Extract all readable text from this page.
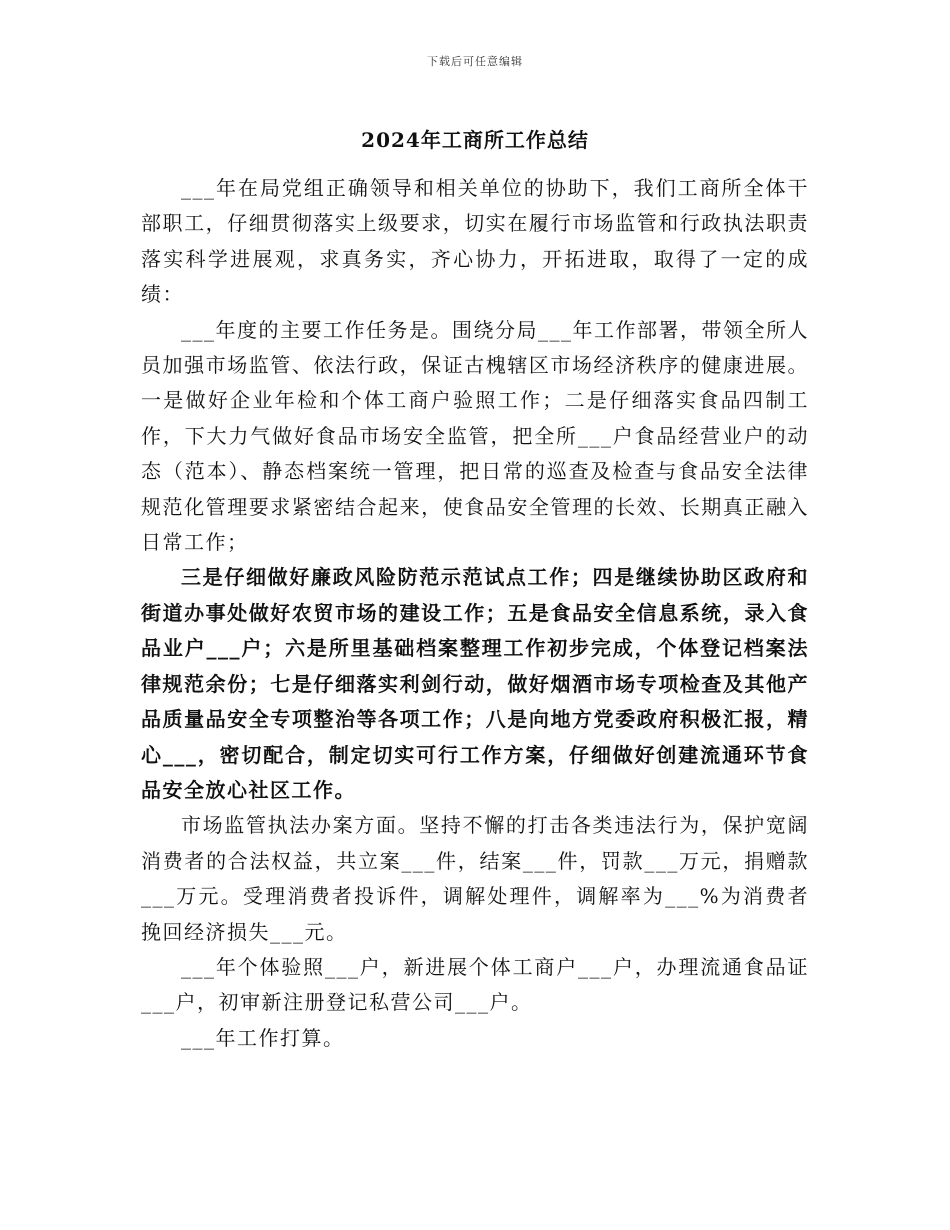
下载后可任意编辑
2024年工商所工作总结

___年在局党组正确领导和相关单位的协助下，我们工商所全体干部职工，仔细贯彻落实上级要求，切实在履行市场监管和行政执法职责落实科学进展观，求真务实，齐心协力，开拓进取，取得了一定的成绩：

___年度的主要工作任务是。围绕分局___年工作部署，带领全所人员加强市场监管、依法行政，保证古槐辖区市场经济秩序的健康进展。一是做好企业年检和个体工商户验照工作；二是仔细落实食品四制工作，下大力气做好食品市场安全监管，把全所___户食品经营业户的动态（范本）、静态档案统一管理，把日常的巡查及检查与食品安全法律规范化管理要求紧密结合起来，使食品安全管理的长效、长期真正融入日常工作；

三是仔细做好廉政风险防范示范试点工作；四是继续协助区政府和街道办事处做好农贸市场的建设工作；五是食品安全信息系统，录入食品业户___户；六是所里基础档案整理工作初步完成，个体登记档案法律规范余份；七是仔细落实利剑行动，做好烟酒市场专项检查及其他产品质量品安全专项整治等各项工作；八是向地方党委政府积极汇报，精心___，密切配合，制定切实可行工作方案，仔细做好创建流通环节食品安全放心社区工作。

市场监管执法办案方面。坚持不懈的打击各类违法行为，保护宽阔消费者的合法权益，共立案___件，结案___件，罚款___万元，捐赠款___万元。受理消费者投诉件，调解处理件，调解率为___%为消费者挽回经济损失___元。

___年个体验照___户，新进展个体工商户___户，办理流通食品证___户，初审新注册登记私营公司___户。

___年工作打算。
